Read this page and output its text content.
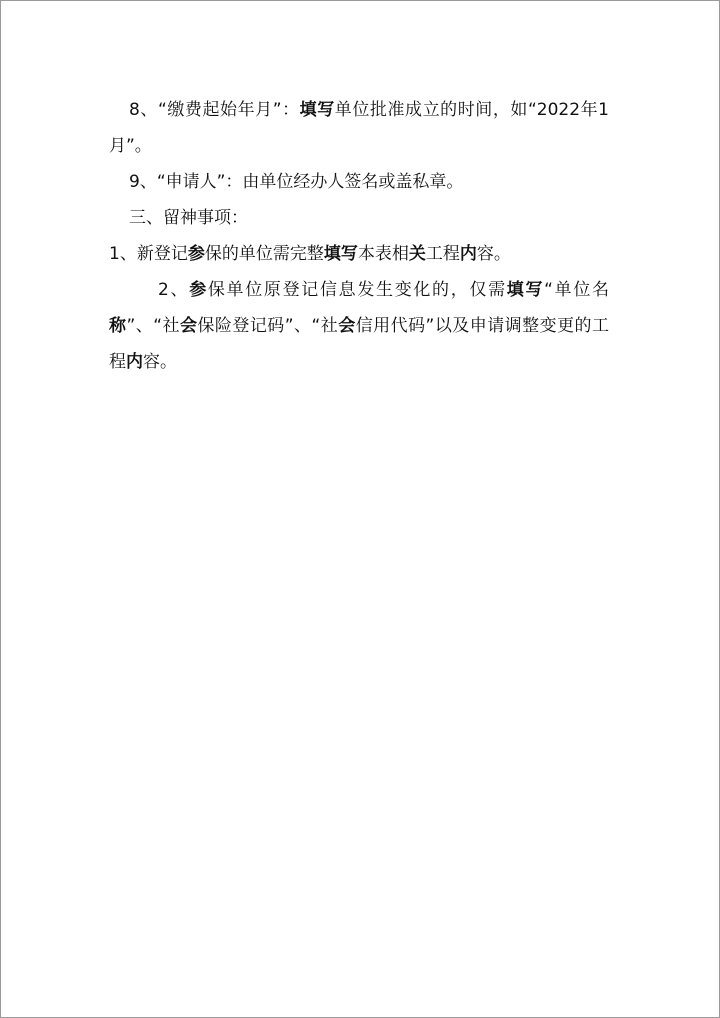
8、“缴费起始年月”：填写单位批准成立的时间，如“2022年1月”。

9、“申请人”：由单位经办人签名或盖私章。

三、留神事项：

1、新登记参保的单位需完整填写本表相关工程内容。

2、参保单位原登记信息发生变化的，仅需填写“单位名称”、“社会保险登记码”、“社会信用代码”以及申请调整变更的工程内容。
